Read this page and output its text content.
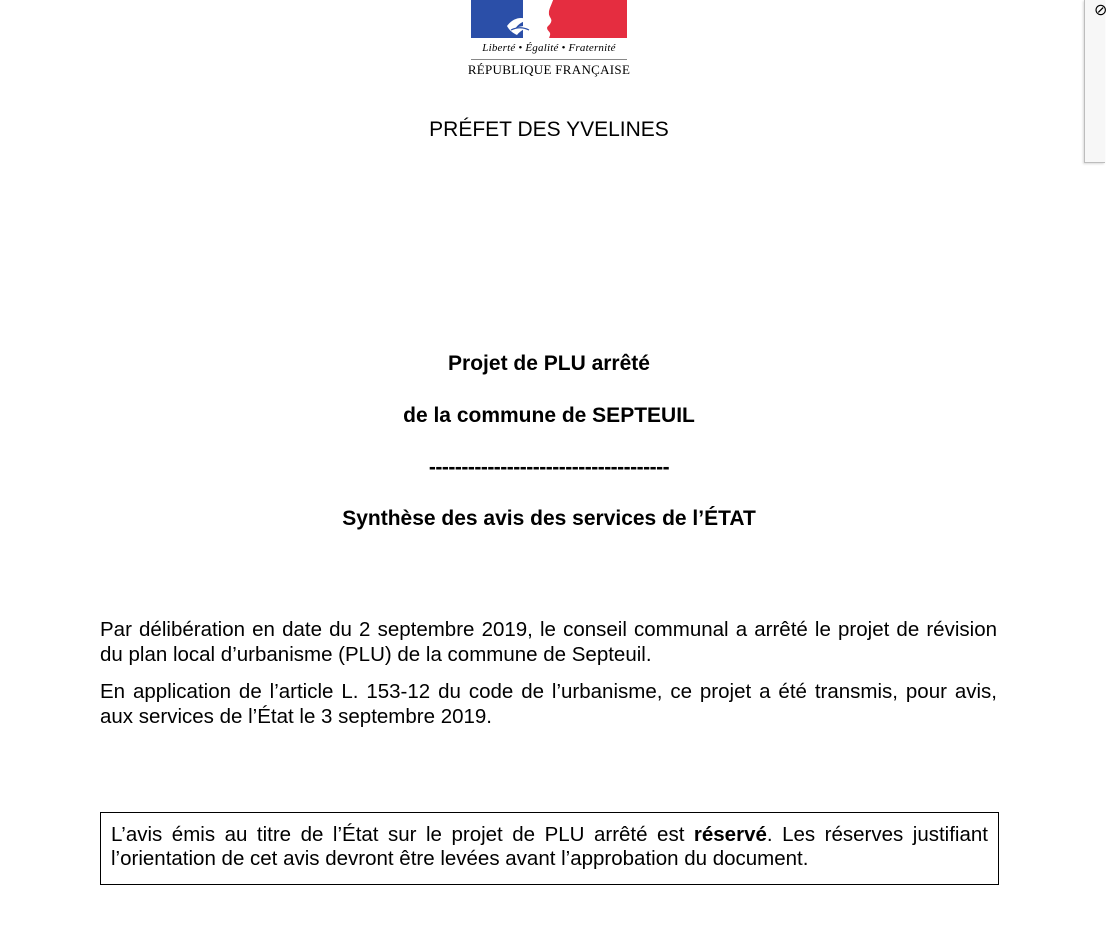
Liberté • Égalité • Fraternité
RÉPUBLIQUE FRANÇAISE
PRÉFET DES YVELINES
Projet de PLU arrêté
de la commune de SEPTEUIL
-------------------------------------
Synthèse des avis des services de l’ÉTAT
Par délibération en date du 2 septembre 2019, le conseil communal a arrêté le projet de révision du plan local d’urbanisme (PLU) de la commune de Septeuil.
En application de l’article L. 153-12 du code de l’urbanisme, ce projet a été transmis, pour avis, aux services de l’État le 3 septembre 2019.
L’avis émis au titre de l’État sur le projet de PLU arrêté est réservé. Les réserves justifiant l’orientation de cet avis devront être levées avant l’approbation du document.
⊘
